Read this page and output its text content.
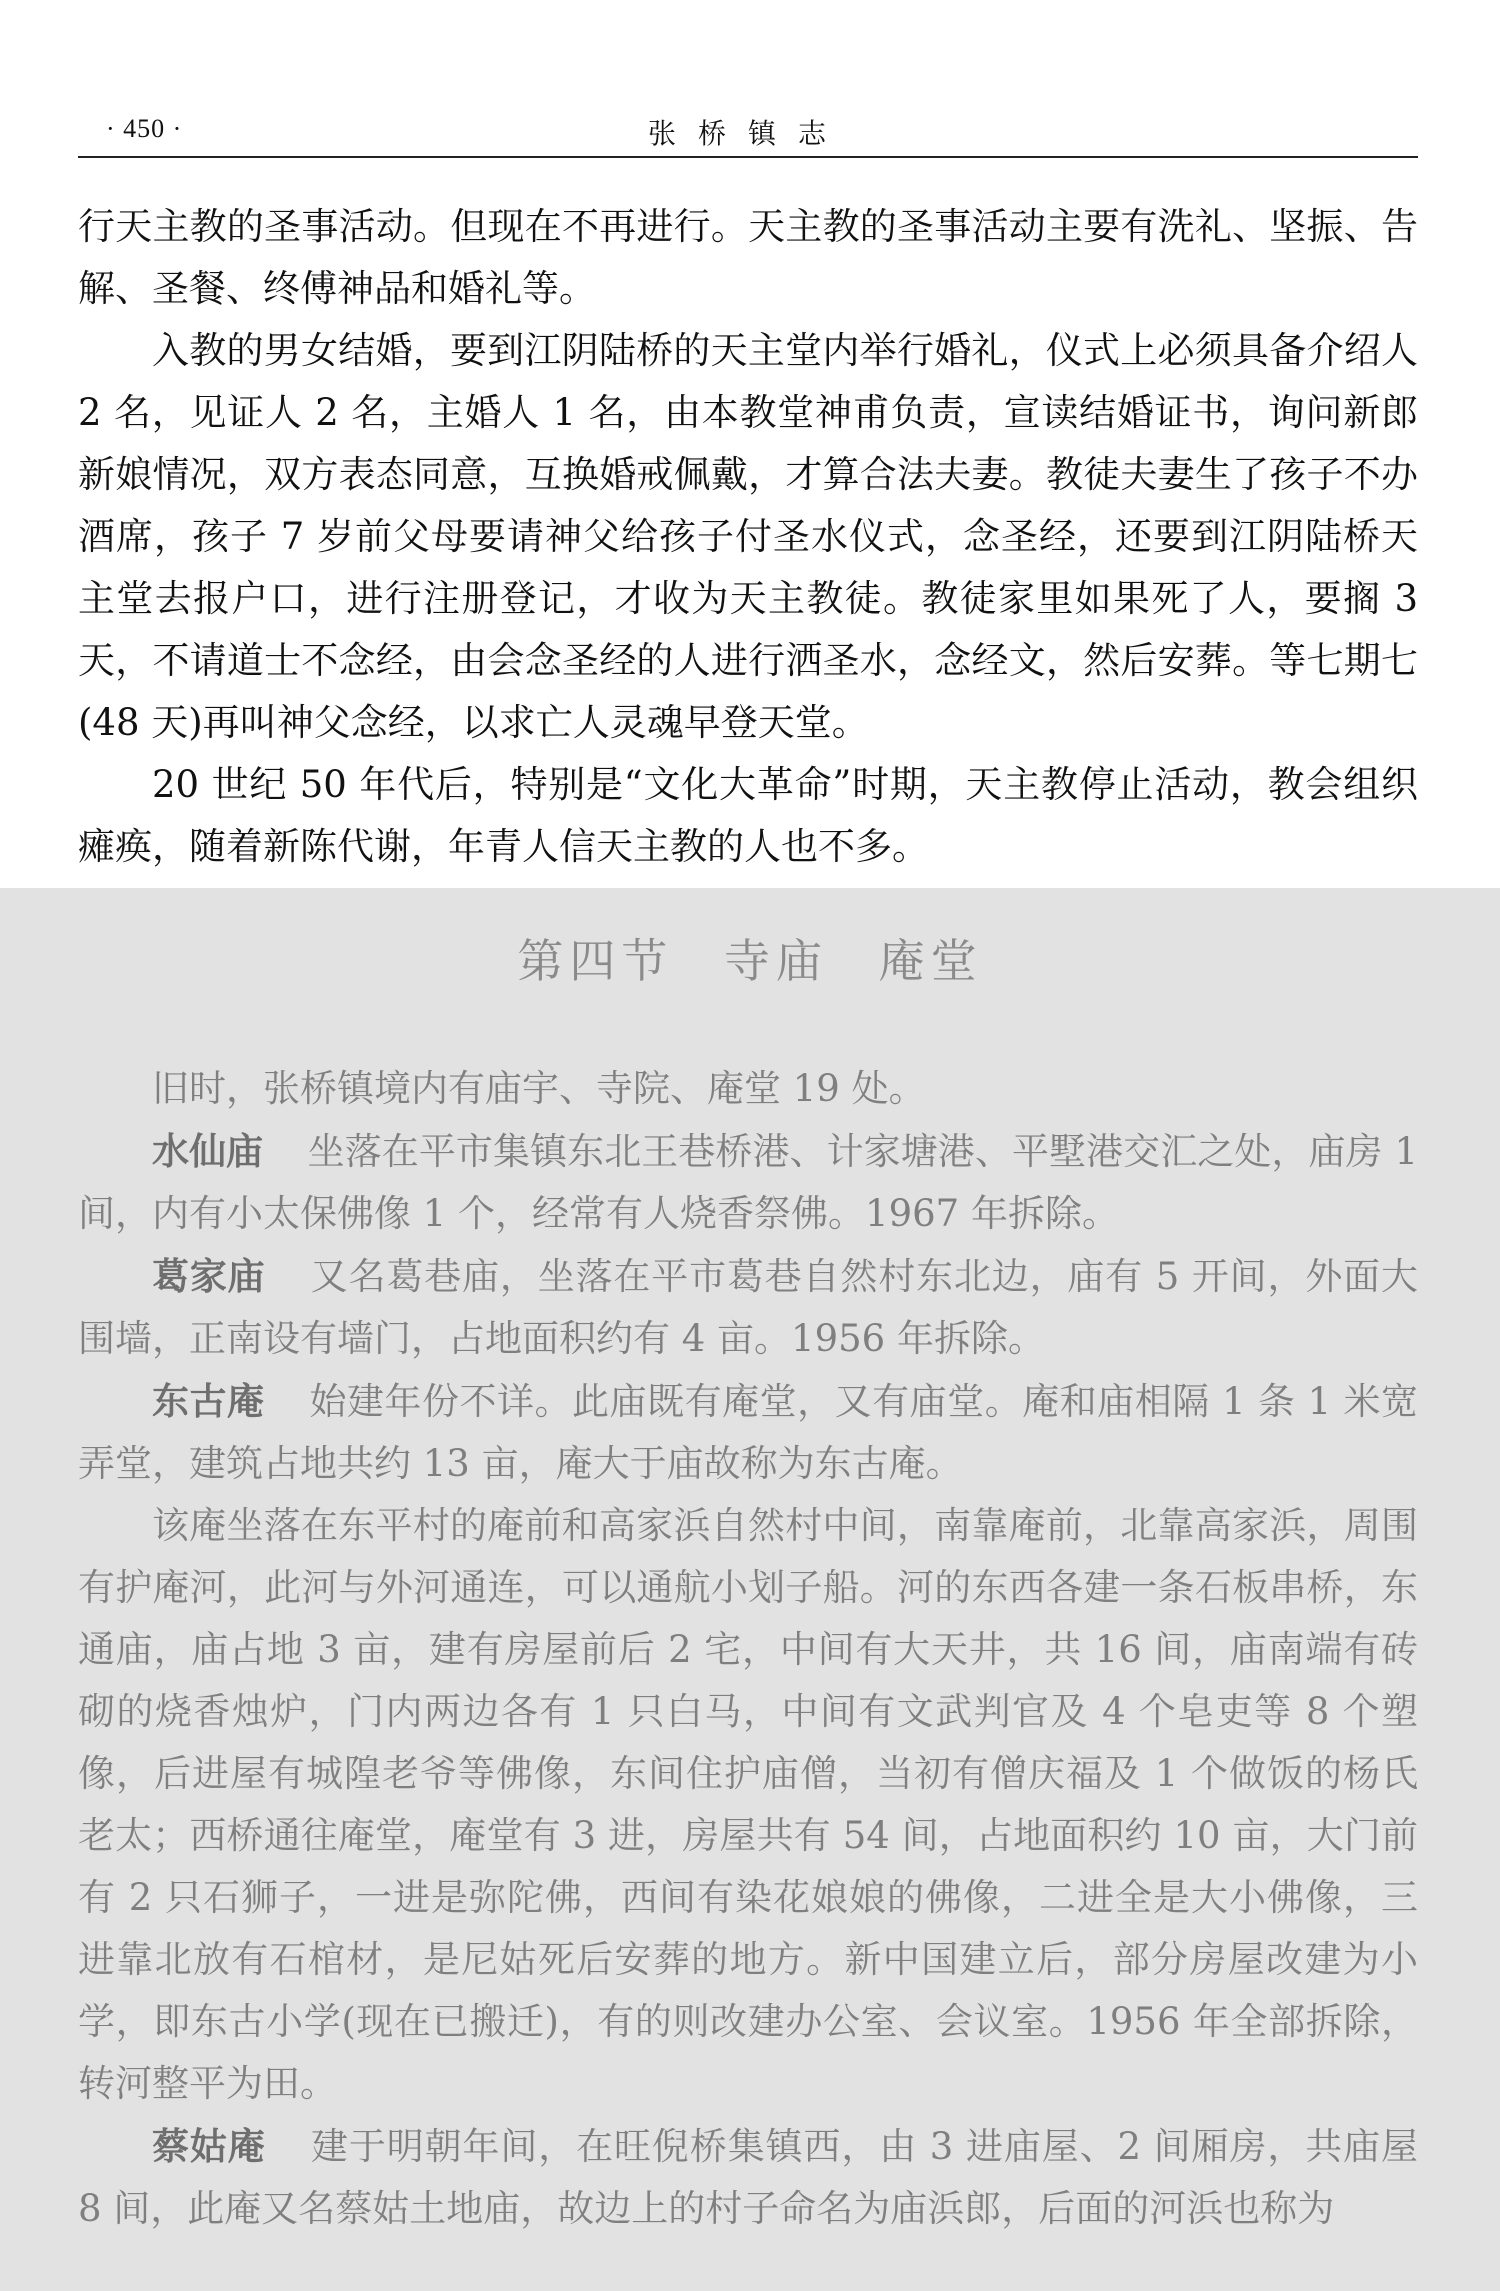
· 450 ·	张桥镇志

行天主教的圣事活动。但现在不再进行。天主教的圣事活动主要有洗礼、坚振、告解、圣餐、终傅神品和婚礼等。

入教的男女结婚，要到江阴陆桥的天主堂内举行婚礼，仪式上必须具备介绍人 2 名，见证人 2 名，主婚人 1 名，由本教堂神甫负责，宣读结婚证书，询问新郎新娘情况，双方表态同意，互换婚戒佩戴，才算合法夫妻。教徒夫妻生了孩子不办酒席，孩子 7 岁前父母要请神父给孩子付圣水仪式，念圣经，还要到江阴陆桥天主堂去报户口，进行注册登记，才收为天主教徒。教徒家里如果死了人，要搁 3 天，不请道士不念经，由会念圣经的人进行洒圣水，念经文，然后安葬。等七期七(48 天)再叫神父念经，以求亡人灵魂早登天堂。

20 世纪 50 年代后，特别是“文化大革命”时期，天主教停止活动，教会组织瘫痪，随着新陈代谢，年青人信天主教的人也不多。

第四节 寺庙 庵堂

旧时，张桥镇境内有庙宇、寺院、庵堂 19 处。

水仙庙 坐落在平市集镇东北王巷桥港、计家塘港、平墅港交汇之处，庙房 1 间，内有小太保佛像 1 个，经常有人烧香祭佛。1967 年拆除。

葛家庙 又名葛巷庙，坐落在平市葛巷自然村东北边，庙有 5 开间，外面大围墙，正南设有墙门，占地面积约有 4 亩。1956 年拆除。

东古庵 始建年份不详。此庙既有庵堂，又有庙堂。庵和庙相隔 1 条 1 米宽弄堂，建筑占地共约 13 亩，庵大于庙故称为东古庵。

该庵坐落在东平村的庵前和高家浜自然村中间，南靠庵前，北靠高家浜，周围有护庵河，此河与外河通连，可以通航小划子船。河的东西各建一条石板串桥，东通庙，庙占地 3 亩，建有房屋前后 2 宅，中间有大天井，共 16 间，庙南端有砖砌的烧香烛炉，门内两边各有 1 只白马，中间有文武判官及 4 个皂吏等 8 个塑像，后进屋有城隍老爷等佛像，东间住护庙僧，当初有僧庆福及 1 个做饭的杨氏老太；西桥通往庵堂，庵堂有 3 进，房屋共有 54 间，占地面积约 10 亩，大门前有 2 只石狮子，一进是弥陀佛，西间有染花娘娘的佛像，二进全是大小佛像，三进靠北放有石棺材，是尼姑死后安葬的地方。新中国建立后，部分房屋改建为小学，即东古小学(现在已搬迁)，有的则改建办公室、会议室。1956 年全部拆除，转河整平为田。

蔡姑庵 建于明朝年间，在旺倪桥集镇西，由 3 进庙屋、2 间厢房，共庙屋 8 间，此庵又名蔡姑土地庙，故边上的村子命名为庙浜郎，后面的河浜也称为
